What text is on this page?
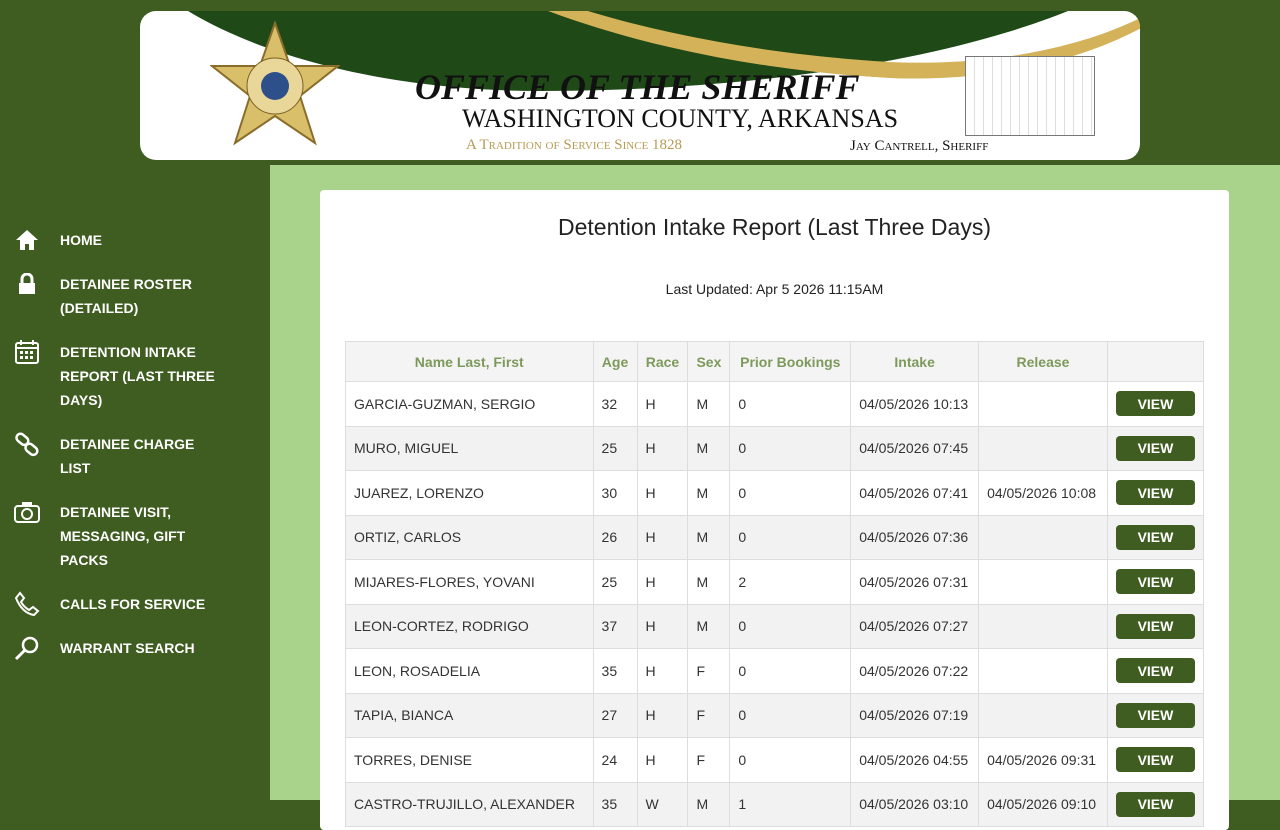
OFFICE OF THE SHERIFF
WASHINGTON COUNTY, ARKANSAS
A Tradition of Service Since 1828	Jay Cantrell, Sheriff
HOME
DETAINEE ROSTER (DETAILED)
DETENTION INTAKE REPORT (LAST THREE DAYS)
DETAINEE CHARGE LIST
DETAINEE VISIT, MESSAGING, GIFT PACKS
CALLS FOR SERVICE
WARRANT SEARCH
Detention Intake Report (Last Three Days)
Last Updated: Apr 5 2026 11:15AM
Name Last, First	Age	Race	Sex	Prior Bookings	Intake	Release	
GARCIA-GUZMAN, SERGIO	32	H	M	0	04/05/2026 10:13		VIEW

MURO, MIGUEL	25	H	M	0	04/05/2026 07:45		VIEW

JUAREZ, LORENZO	30	H	M	0	04/05/2026 07:41	04/05/2026 10:08	VIEW

ORTIZ, CARLOS	26	H	M	0	04/05/2026 07:36		VIEW

MIJARES-FLORES, YOVANI	25	H	M	2	04/05/2026 07:31		VIEW

LEON-CORTEZ, RODRIGO	37	H	M	0	04/05/2026 07:27		VIEW

LEON, ROSADELIA	35	H	F	0	04/05/2026 07:22		VIEW

TAPIA, BIANCA	27	H	F	0	04/05/2026 07:19		VIEW

TORRES, DENISE	24	H	F	0	04/05/2026 04:55	04/05/2026 09:31	VIEW

CASTRO-TRUJILLO, ALEXANDER	35	W	M	1	04/05/2026 03:10	04/05/2026 09:10	VIEW
